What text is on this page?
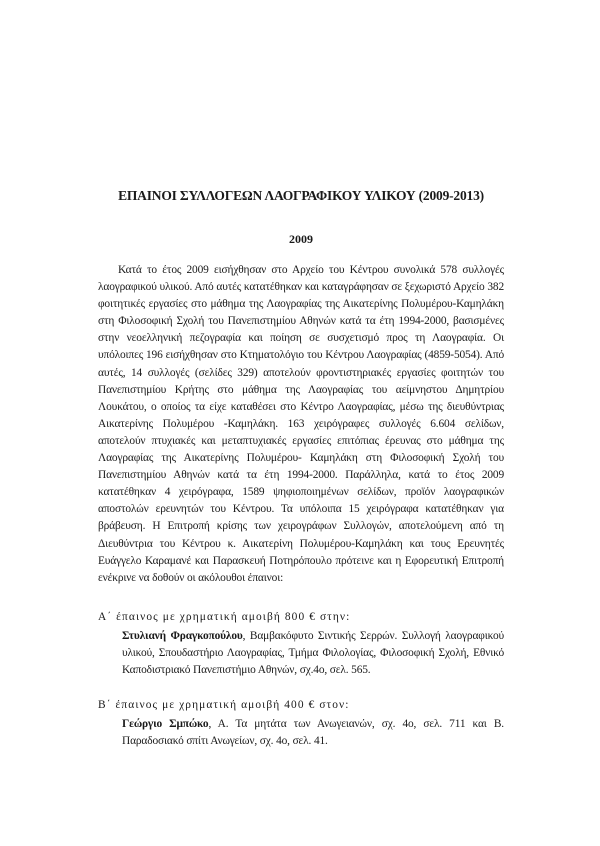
ΕΠΑΙΝΟΙ ΣΥΛΛΟΓΕΩΝ ΛΑΟΓΡΑΦΙΚΟΥ ΥΛΙΚΟΥ (2009-2013)
2009
Κατά το έτος 2009 εισήχθησαν στο Αρχείο του Κέντρου συνολικά 578 συλλογές λαογραφικού υλικού. Από αυτές κατατέθηκαν και καταγράφησαν σε ξεχωριστό Αρχείο 382 φοιτητικές εργασίες στο μάθημα της Λαογραφίας της Αικατερίνης Πολυμέρου-Καμηλάκη στη Φιλοσοφική Σχολή του Πανεπιστημίου Αθηνών κατά τα έτη 1994-2000, βασισμένες στην νεοελληνική πεζογραφία και ποίηση σε συσχετισμό προς τη Λαογραφία. Οι υπόλοιπες 196 εισήχθησαν στο Κτηματολόγιο του Κέντρου Λαογραφίας (4859-5054). Από αυτές, 14 συλλογές (σελίδες 329) αποτελούν φροντιστηριακές εργασίες φοιτητών του Πανεπιστημίου Κρήτης στο μάθημα της Λαογραφίας του αείμνηστου Δημητρίου Λουκάτου, ο οποίος τα είχε καταθέσει στο Κέντρο Λαογραφίας, μέσω της διευθύντριας Αικατερίνης Πολυμέρου -Καμηλάκη. 163 χειρόγραφες συλλογές 6.604 σελίδων, αποτελούν πτυχιακές και μεταπτυχιακές εργασίες επιτόπιας έρευνας στο μάθημα της Λαογραφίας της Αικατερίνης Πολυμέρου- Καμηλάκη στη Φιλοσοφική Σχολή του Πανεπιστημίου Αθηνών κατά τα έτη 1994-2000. Παράλληλα, κατά το έτος 2009 κατατέθηκαν 4 χειρόγραφα, 1589 ψηφιοποιημένων σελίδων, προϊόν λαογραφικών αποστολών ερευνητών του Κέντρου. Τα υπόλοιπα 15 χειρόγραφα κατατέθηκαν για βράβευση. Η Επιτροπή κρίσης των χειρογράφων Συλλογών, αποτελούμενη από τη Διευθύντρια του Κέντρου κ. Αικατερίνη Πολυμέρου-Καμηλάκη και τους Ερευνητές Ευάγγελο Καραμανέ και Παρασκευή Ποτηρόπουλο πρότεινε και η Εφορευτική Επιτροπή ενέκρινε να δοθούν οι ακόλουθοι έπαινοι:
Α΄ έπαινος με χρηματική αμοιβή 800 € στην:
Στυλιανή Φραγκοπούλου, Βαμβακόφυτο Σιντικής Σερρών. Συλλογή λαογραφικού υλικού, Σπουδαστήριο Λαογραφίας, Τμήμα Φιλολογίας, Φιλοσοφική Σχολή, Εθνικό Καποδιστριακό Πανεπιστήμιο Αθηνών, σχ.4ο, σελ. 565.
Β΄ έπαινος με χρηματική αμοιβή 400 € στον:
Γεώργιο Σμπώκο, Α. Τα μητάτα των Ανωγειανών, σχ. 4ο, σελ. 711 και Β. Παραδοσιακό σπίτι Ανωγείων, σχ. 4ο, σελ. 41.
